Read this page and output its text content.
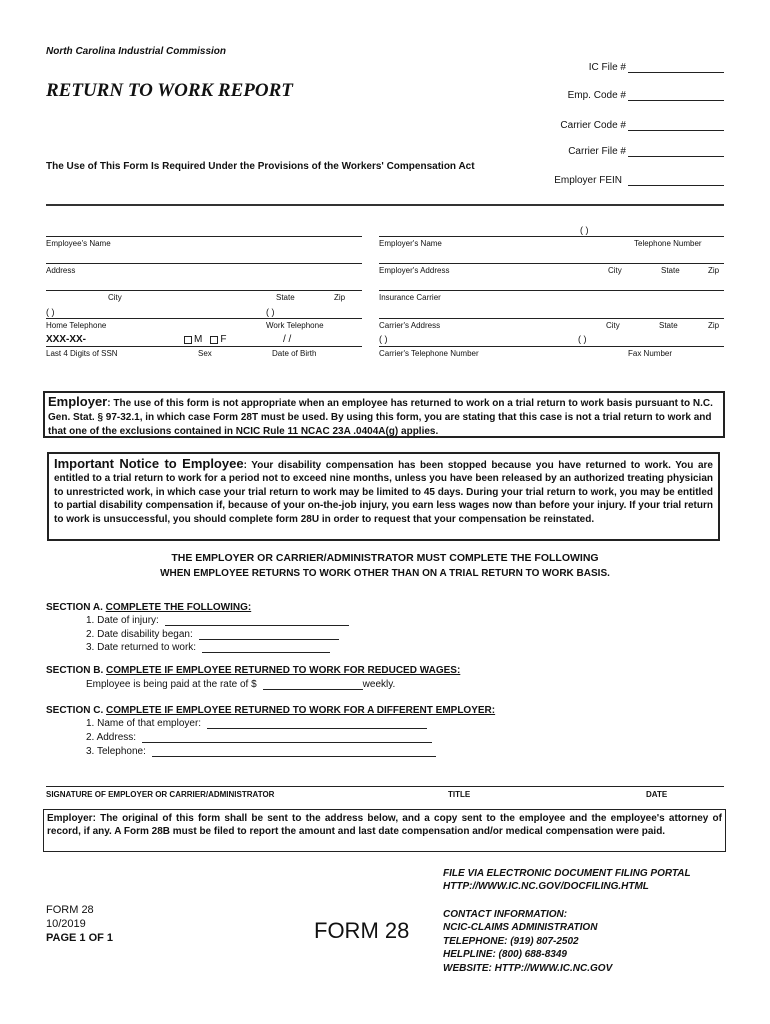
North Carolina Industrial Commission
RETURN TO WORK REPORT
The Use of This Form Is Required Under the Provisions of the Workers' Compensation Act
IC File #
Emp. Code #
Carrier Code #
Carrier File #
Employer FEIN
Employee's Name
Address
City	State	Zip
( )	( )
Home Telephone	Work Telephone
XXX-XX-	M F	/ /
Last 4 Digits of SSN	Sex	Date of Birth
( )
Employer's Name	Telephone Number
Employer's Address	City	State	Zip
Insurance Carrier
Carrier's Address	City	State	Zip
( )	( )
Carrier's Telephone Number	Fax Number
Employer: The use of this form is not appropriate when an employee has returned to work on a trial return to work basis pursuant to N.C. Gen. Stat. § 97-32.1, in which case Form 28T must be used. By using this form, you are stating that this case is not a trial return to work and that one of the exclusions contained in NCIC Rule 11 NCAC 23A .0404A(g) applies.
Important Notice to Employee: Your disability compensation has been stopped because you have returned to work. You are entitled to a trial return to work for a period not to exceed nine months, unless you have been released by an authorized treating physician to unrestricted work, in which case your trial return to work may be limited to 45 days. During your trial return to work, you may be entitled to partial disability compensation if, because of your on-the-job injury, you earn less wages now than before your injury. If your trial return to work is unsuccessful, you should complete form 28U in order to request that your compensation be reinstated.
THE EMPLOYER OR CARRIER/ADMINISTRATOR MUST COMPLETE THE FOLLOWING
WHEN EMPLOYEE RETURNS TO WORK OTHER THAN ON A TRIAL RETURN TO WORK BASIS.
SECTION A. COMPLETE THE FOLLOWING:
1. Date of injury:
2. Date disability began:
3. Date returned to work:
SECTION B. COMPLETE IF EMPLOYEE RETURNED TO WORK FOR REDUCED WAGES:
Employee is being paid at the rate of $	weekly.
SECTION C. COMPLETE IF EMPLOYEE RETURNED TO WORK FOR A DIFFERENT EMPLOYER:
1. Name of that employer:
2. Address:
3. Telephone:
SIGNATURE OF EMPLOYER OR CARRIER/ADMINISTRATOR	TITLE	DATE
Employer: The original of this form shall be sent to the address below, and a copy sent to the employee and the employee's attorney of record, if any. A Form 28B must be filed to report the amount and last date compensation and/or medical compensation were paid.
FILE VIA ELECTRONIC DOCUMENT FILING PORTAL
HTTP://WWW.IC.NC.GOV/DOCFILING.HTML
FORM 28
10/2019
PAGE 1 OF 1	FORM 28
CONTACT INFORMATION:
NCIC-CLAIMS ADMINISTRATION
TELEPHONE: (919) 807-2502
HELPLINE: (800) 688-8349
WEBSITE: HTTP://WWW.IC.NC.GOV
